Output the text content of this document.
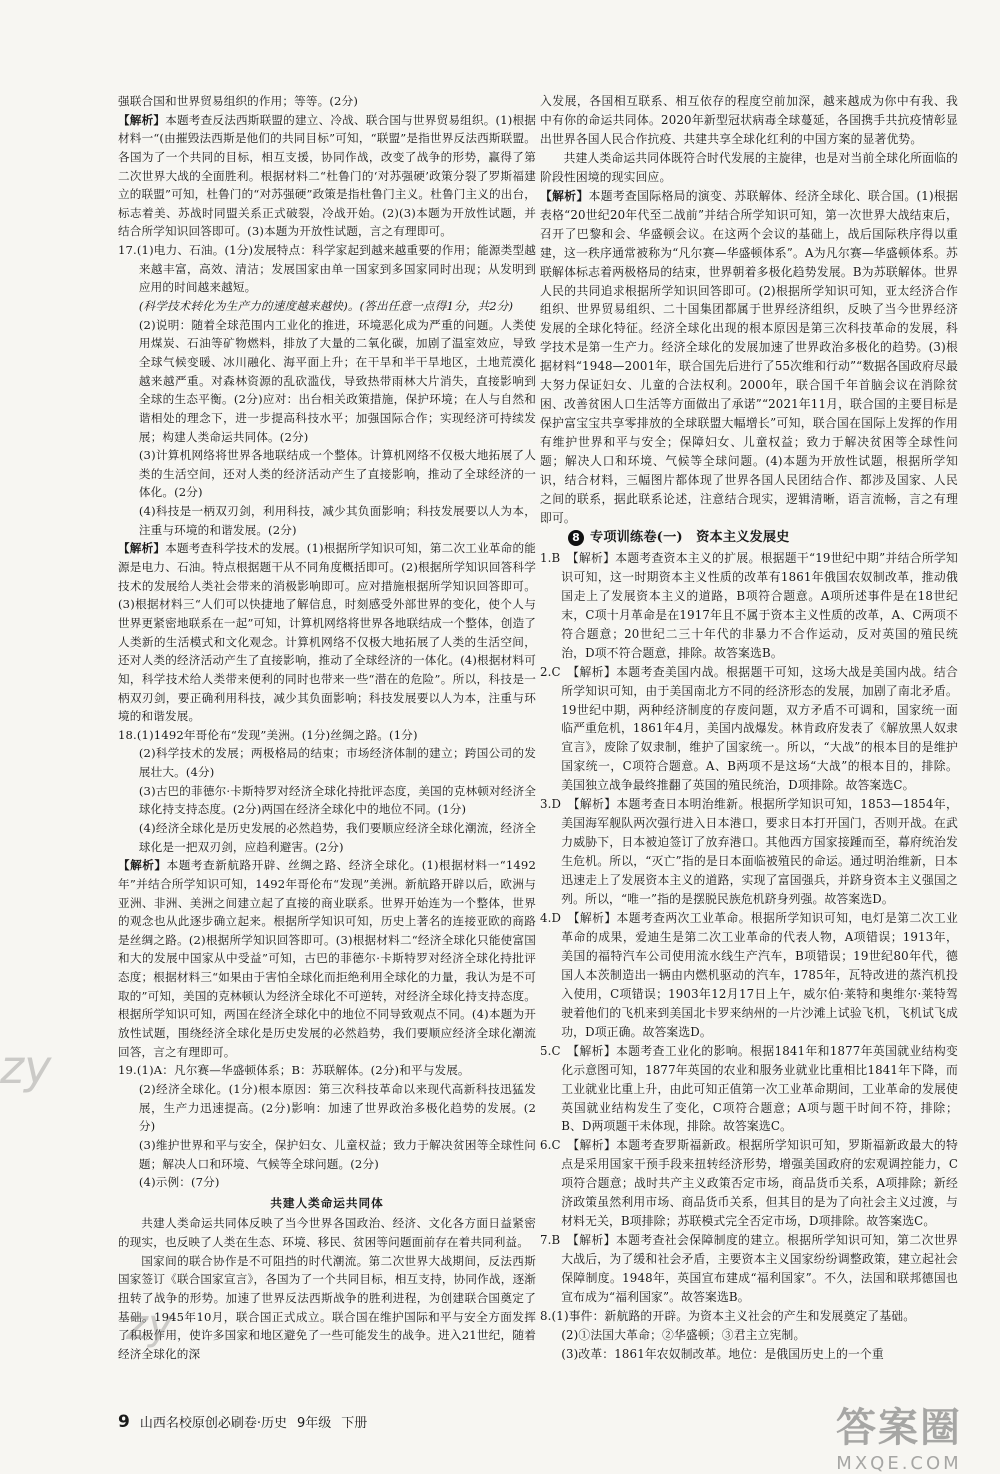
强联合国和世界贸易组织的作用；等等。(2分)

【解析】本题考查反法西斯联盟的建立、冷战、联合国与世界贸易组织。(1)根据材料一“(由摧毁法西斯是他们的共同目标”可知，“联盟”是指世界反法西斯联盟。各国为了一个共同的目标，相互支援，协同作战，改变了战争的形势，赢得了第二次世界大战的全面胜利。根据材料二“杜鲁门的‘对苏强硬’政策分裂了罗斯福建立的联盟”可知，杜鲁门的“对苏强硬”政策是指杜鲁门主义。杜鲁门主义的出台，标志着美、苏战时同盟关系正式破裂，冷战开始。(2)(3)本题为开放性试题，并结合所学知识回答即可。(3)本题为开放性试题，言之有理即可。

17.(1)电力、石油。(1分)发展特点：科学家起到越来越重要的作用；能源类型越来越丰富，高效、清洁；发展国家由单一国家到多国家同时出现；从发明到应用的时间越来越短。

(科学技术转化为生产力的速度越来越快)。(答出任意一点得1分，共2分)

(2)说明：随着全球范围内工业化的推进，环境恶化成为严重的问题。人类使用煤炭、石油等矿物燃料，排放了大量的二氧化碳，加剧了温室效应，导致全球气候变暖、冰川融化、海平面上升；在干旱和半干旱地区，土地荒漠化越来越严重。对森林资源的乱砍滥伐，导致热带雨林大片消失，直接影响到全球的生态平衡。(2分)应对：出台相关政策措施，保护环境；在人与自然和谐相处的理念下，进一步提高科技水平；加强国际合作；实现经济可持续发展；构建人类命运共同体。(2分)

(3)计算机网络将世界各地联结成一个整体。计算机网络不仅极大地拓展了人类的生活空间，还对人类的经济活动产生了直接影响，推动了全球经济的一体化。(2分)

(4)科技是一柄双刃剑，利用科技，减少其负面影响；科技发展要以人为本，注重与环境的和谐发展。(2分)

【解析】本题考查科学技术的发展。(1)根据所学知识可知，第二次工业革命的能源是电力、石油。特点根据题干从不同角度概括即可。(2)根据所学知识回答科学技术的发展给人类社会带来的消极影响即可。应对措施根据所学知识回答即可。(3)根据材料三“人们可以快捷地了解信息，时刻感受外部世界的变化，使个人与世界更紧密地联系在一起”可知，计算机网络将世界各地联结成一个整体，创造了人类新的生活模式和文化观念。计算机网络不仅极大地拓展了人类的生活空间，还对人类的经济活动产生了直接影响，推动了全球经济的一体化。(4)根据材料可知，科学技术给人类带来便利的同时也带来一些“潜在的危险”。所以，科技是一柄双刃剑，要正确利用科技，减少其负面影响；科技发展要以人为本，注重与环境的和谐发展。

18.(1)1492年哥伦布“发现”美洲。(1分)丝绸之路。(1分)

(2)科学技术的发展；两极格局的结束；市场经济体制的建立；跨国公司的发展壮大。(4分)

(3)古巴的菲德尔·卡斯特罗对经济全球化持批评态度，美国的克林顿对经济全球化持支持态度。(2分)两国在经济全球化中的地位不同。(1分)

(4)经济全球化是历史发展的必然趋势，我们要顺应经济全球化潮流，经济全球化是一把双刃剑，应趋利避害。(2分)

【解析】本题考查新航路开辟、丝绸之路、经济全球化。(1)根据材料一“1492年”并结合所学知识可知，1492年哥伦布“发现”美洲。新航路开辟以后，欧洲与亚洲、非洲、美洲之间建立起了直接的商业联系。世界开始连为一个整体，世界的观念也从此逐步确立起来。根据所学知识可知，历史上著名的连接亚欧的商路是丝绸之路。(2)根据所学知识回答即可。(3)根据材料二“经济全球化只能使富国和大的发展中国家从中受益”可知，古巴的菲德尔·卡斯特罗对经济全球化持批评态度；根据材料三“如果由于害怕全球化而拒绝利用全球化的力量，我认为是不可取的”可知，美国的克林顿认为经济全球化不可逆转，对经济全球化持支持态度。根据所学知识可知，两国在经济全球化中的地位不同导致观点不同。(4)本题为开放性试题，围绕经济全球化是历史发展的必然趋势，我们要顺应经济全球化潮流回答，言之有理即可。

19.(1)A：凡尔赛—华盛顿体系；B：苏联解体。(2分)和平与发展。

(2)经济全球化。(1分)根本原因：第三次科技革命以来现代高新科技迅猛发展，生产力迅速提高。(2分)影响：加速了世界政治多极化趋势的发展。(2分)

(3)维护世界和平与安全，保护妇女、儿童权益；致力于解决贫困等全球性问题；解决人口和环境、气候等全球问题。(2分)

(4)示例：(7分)

共建人类命运共同体

共建人类命运共同体反映了当今世界各国政治、经济、文化各方面日益紧密的现实，也反映了人类在生态、环境、移民、贫困等问题面前存在着共同利益。

国家间的联合协作是不可阻挡的时代潮流。第二次世界大战期间，反法西斯国家签订《联合国家宣言》，各国为了一个共同目标，相互支持，协同作战，逐渐扭转了战争的形势。加速了世界反法西斯战争的胜利进程，为创建联合国奠定了基础。1945年10月，联合国正式成立。联合国在维护国际和平与安全方面发挥了积极作用，使许多国家和地区避免了一些可能发生的战争。进入21世纪，随着经济全球化的深

入发展，各国相互联系、相互依存的程度空前加深，越来越成为你中有我、我中有你的命运共同体。2020年新型冠状病毒全球蔓延，各国携手共抗疫情彰显出世界各国人民合作抗疫、共建共享全球化红利的中国方案的显著优势。

共建人类命运共同体既符合时代发展的主旋律，也是对当前全球化所面临的阶段性困境的现实回应。

【解析】本题考查国际格局的演变、苏联解体、经济全球化、联合国。(1)根据表格“20世纪20年代至二战前”并结合所学知识可知，第一次世界大战结束后，召开了巴黎和会、华盛顿会议。在这两个会议的基础上，战后国际秩序得以重建，这一秩序通常被称为“凡尔赛—华盛顿体系”。A为凡尔赛—华盛顿体系。苏联解体标志着两极格局的结束，世界朝着多极化趋势发展。B为苏联解体。世界人民的共同追求根据所学知识回答即可。(2)根据所学知识可知，亚太经济合作组织、世界贸易组织、二十国集团都属于世界经济组织，反映了当今世界经济发展的全球化特征。经济全球化出现的根本原因是第三次科技革命的发展，科学技术是第一生产力。经济全球化的发展加速了世界政治多极化的趋势。(3)根据材料“1948—2001年，联合国先后进行了55次维和行动”“数据各国政府尽最大努力保证妇女、儿童的合法权利。2000年，联合国千年首脑会议在消除贫困、改善贫困人口生活等方面做出了承诺”“2021年11月，联合国的主要目标是保护富宝宝共享零排放的全球联盟大幅增长”可知，联合国在国际上发挥的作用有维护世界和平与安全；保障妇女、儿童权益；致力于解决贫困等全球性问题；解决人口和环境、气候等全球问题。(4)本题为开放性试题，根据所学知识，结合材料，三幅图片都体现了世界各国人民团结合作、都涉及国家、人民之间的联系，据此联系论述，注意结合现实，逻辑清晰，语言流畅，言之有理即可。

8 专项训练卷(一)　资本主义发展史

1.B　【解析】本题考查资本主义的扩展。根据题干“19世纪中期”并结合所学知识可知，这一时期资本主义性质的改革有1861年俄国农奴制改革，推动俄国走上了发展资本主义的道路，B项符合题意。A项所述事件是在18世纪末，C项十月革命是在1917年且不属于资本主义性质的改革，A、C两项不符合题意；20世纪二三十年代的非暴力不合作运动，反对英国的殖民统治，D项不符合题意，排除。故答案选B。

2.C　【解析】本题考查美国内战。根据题干可知，这场大战是美国内战。结合所学知识可知，由于美国南北方不同的经济形态的发展，加剧了南北矛盾。19世纪中期，两种经济制度的存废问题，双方矛盾不可调和，国家统一面临严重危机，1861年4月，美国内战爆发。林肯政府发表了《解放黑人奴隶宣言》，废除了奴隶制，维护了国家统一。所以，“大战”的根本目的是维护国家统一，C项符合题意。A、B两项不是这场“大战”的根本目的，排除。美国独立战争最终推翻了英国的殖民统治，D项排除。故答案选C。

3.D　【解析】本题考查日本明治维新。根据所学知识可知，1853—1854年，美国海军舰队两次强行进入日本港口，要求日本打开国门，否则开战。在武力威胁下，日本被迫签订了放弃港口。其他西方国家接踵而至，幕府统治发生危机。所以，“灭亡”指的是日本面临被殖民的命运。通过明治维新，日本迅速走上了发展资本主义的道路，实现了富国强兵，并跻身资本主义强国之列。所以，“唯一”指的是摆脱民族危机跻身列强。故答案选D。

4.D　【解析】本题考查两次工业革命。根据所学知识可知，电灯是第二次工业革命的成果，爱迪生是第二次工业革命的代表人物，A项错误；1913年，美国的福特汽车公司使用流水线生产汽车，B项错误；19世纪80年代，德国人本茨制造出一辆由内燃机驱动的汽车，1785年，瓦特改进的蒸汽机投入使用，C项错误；1903年12月17日上午，威尔伯·莱特和奥维尔·莱特驾驶着他们的飞机来到美国北卡罗来纳州的一片沙滩上试验飞机，飞机试飞成功，D项正确。故答案选D。

5.C　【解析】本题考查工业化的影响。根据1841年和1877年英国就业结构变化示意图可知，1877年英国的农业和服务业就业比重相比1841年下降，而工业就业比重上升，由此可知正值第一次工业革命期间，工业革命的发展使英国就业结构发生了变化，C项符合题意；A项与题干时间不符，排除；B、D两项题干未体现，排除。故答案选C。

6.C　【解析】本题考查罗斯福新政。根据所学知识可知，罗斯福新政最大的特点是采用国家干预手段来扭转经济形势，增强美国政府的宏观调控能力，C项符合题意；战时共产主义政策否定市场，商品货币关系，A项排除；新经济政策虽然利用市场、商品货币关系，但其目的是为了向社会主义过渡，与材料无关，B项排除；苏联模式完全否定市场，D项排除。故答案选C。

7.B　【解析】本题考查社会保障制度的建立。根据所学知识可知，第二次世界大战后，为了缓和社会矛盾，主要资本主义国家纷纷调整政策，建立起社会保障制度。1948年，英国宣布建成“福利国家”。不久，法国和联邦德国也宣布成为“福利国家”。故答案选B。

8.(1)事件：新航路的开辟。为资本主义社会的产生和发展奠定了基础。

(2)①法国大革命；②华盛顿；③君主立宪制。

(3)改革：1861年农奴制改革。地位：是俄国历史上的一个重

9 山西名校原创必刷卷·历史 9年级 下册
zy
zy
答案圈
MXQE.COM
